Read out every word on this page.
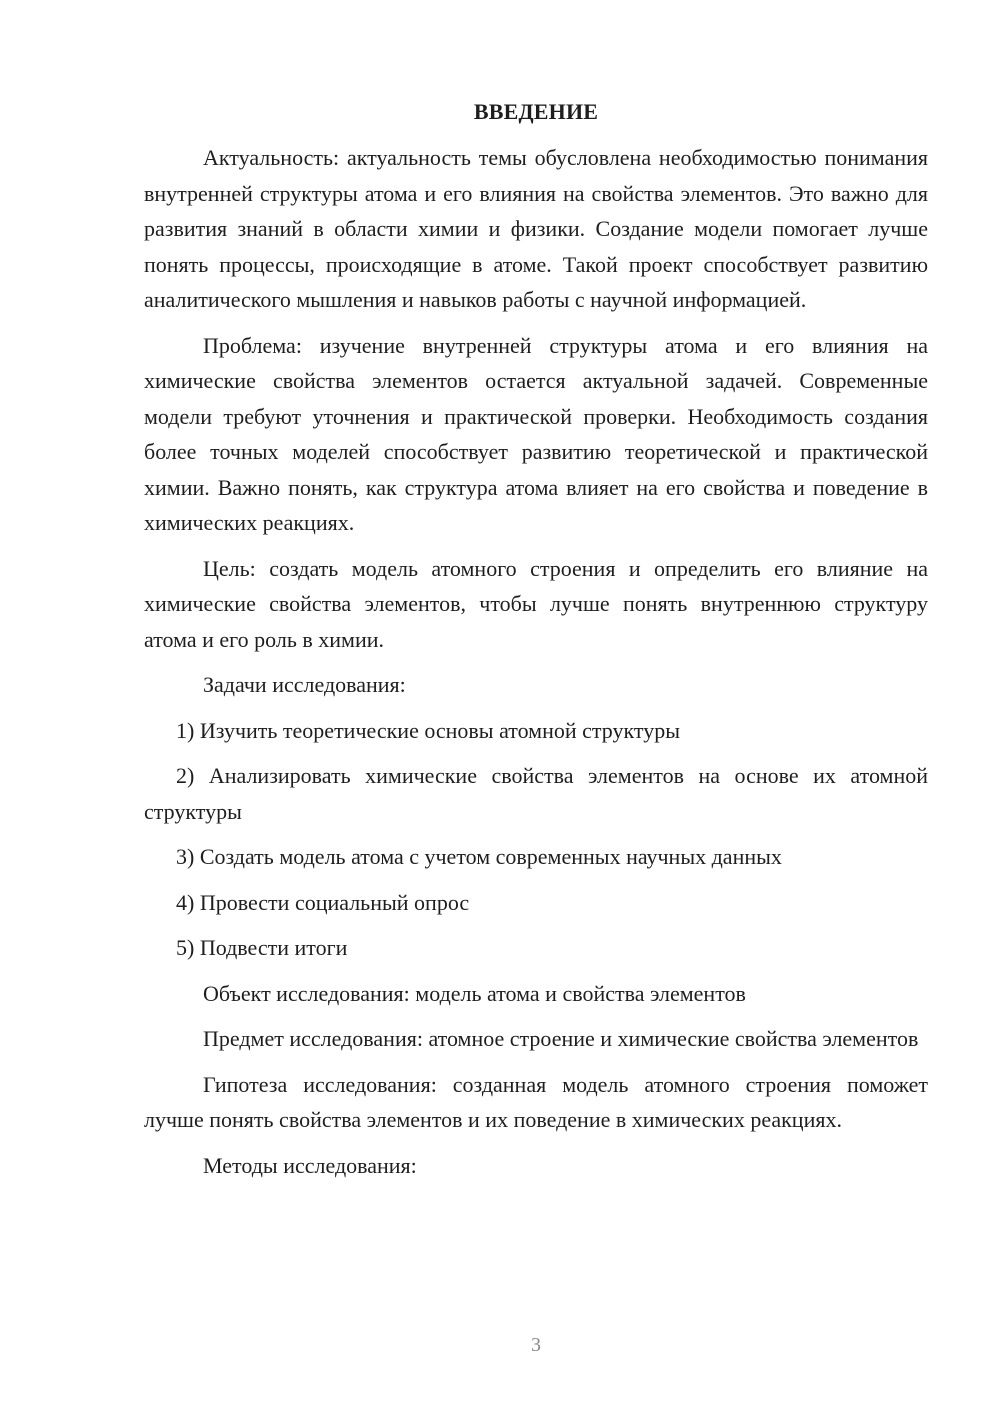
ВВЕДЕНИЕ

Актуальность: актуальность темы обусловлена необходимостью понимания внутренней структуры атома и его влияния на свойства элементов. Это важно для развития знаний в области химии и физики. Создание модели помогает лучше понять процессы, происходящие в атоме. Такой проект способствует развитию аналитического мышления и навыков работы с научной информацией.

Проблема: изучение внутренней структуры атома и его влияния на химические свойства элементов остается актуальной задачей. Современные модели требуют уточнения и практической проверки. Необходимость создания более точных моделей способствует развитию теоретической и практической химии. Важно понять, как структура атома влияет на его свойства и поведение в химических реакциях.

Цель: создать модель атомного строения и определить его влияние на химические свойства элементов, чтобы лучше понять внутреннюю структуру атома и его роль в химии.

Задачи исследования:

1) Изучить теоретические основы атомной структуры

2) Анализировать химические свойства элементов на основе их атомной структуры

3) Создать модель атома с учетом современных научных данных

4) Провести социальный опрос

5) Подвести итоги

Объект исследования: модель атома и свойства элементов

Предмет исследования: атомное строение и химические свойства элементов

Гипотеза исследования: созданная модель атомного строения поможет лучше понять свойства элементов и их поведение в химических реакциях.

Методы исследования:

3
